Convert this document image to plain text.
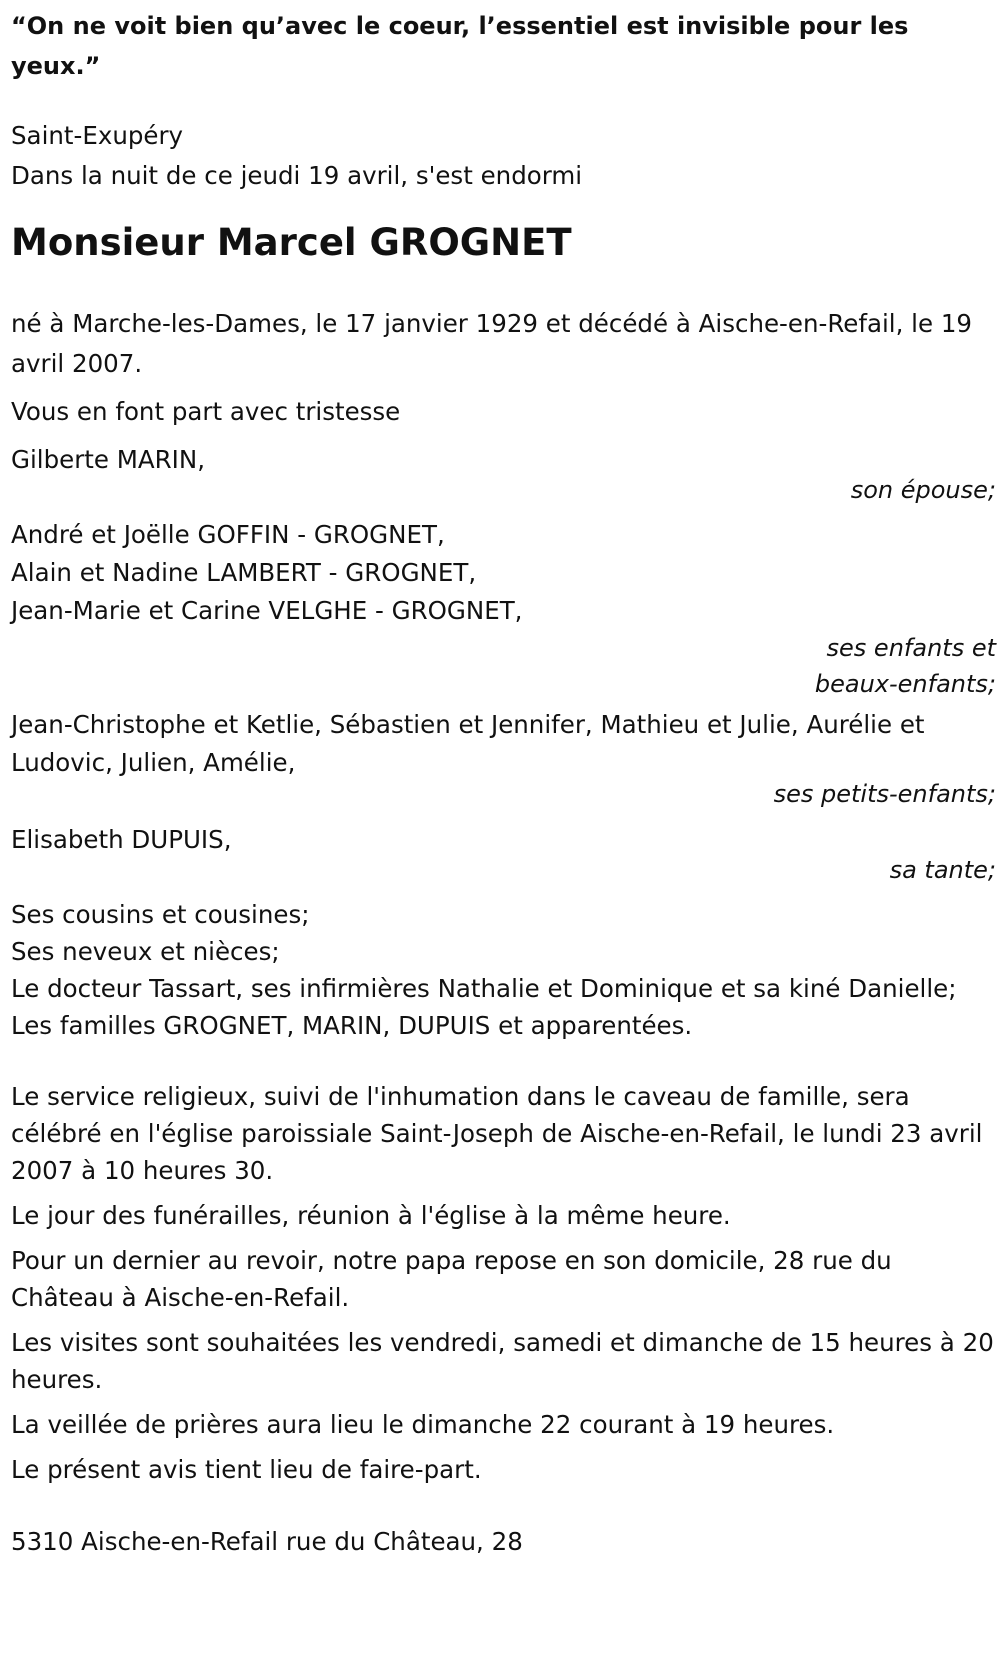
“On ne voit bien qu’avec le coeur, l’essentiel est invisible pour les yeux.”

Saint-Exupéry

Dans la nuit de ce jeudi 19 avril, s'est endormi

Monsieur Marcel GROGNET

né à Marche-les-Dames, le 17 janvier 1929 et décédé à Aische-en-Refail, le 19 avril 2007.

Vous en font part avec tristesse

Gilberte MARIN,

son épouse;

André et Joëlle GOFFIN - GROGNET,

Alain et Nadine LAMBERT - GROGNET,

Jean-Marie et Carine VELGHE - GROGNET,

ses enfants et beaux-enfants;

Jean-Christophe et Ketlie, Sébastien et Jennifer, Mathieu et Julie, Aurélie et Ludovic, Julien, Amélie,

ses petits-enfants;

Elisabeth DUPUIS,

sa tante;

Ses cousins et cousines;

Ses neveux et nièces;

Le docteur Tassart, ses infirmières Nathalie et Dominique et sa kiné Danielle;

Les familles GROGNET, MARIN, DUPUIS et apparentées.

Le service religieux, suivi de l'inhumation dans le caveau de famille, sera célébré en l'église paroissiale Saint-Joseph de Aische-en-Refail, le lundi 23 avril 2007 à 10 heures 30.

Le jour des funérailles, réunion à l'église à la même heure.

Pour un dernier au revoir, notre papa repose en son domicile, 28 rue du Château à Aische-en-Refail.

Les visites sont souhaitées les vendredi, samedi et dimanche de 15 heures à 20 heures.

La veillée de prières aura lieu le dimanche 22 courant à 19 heures.

Le présent avis tient lieu de faire-part.

5310 Aische-en-Refail rue du Château, 28
